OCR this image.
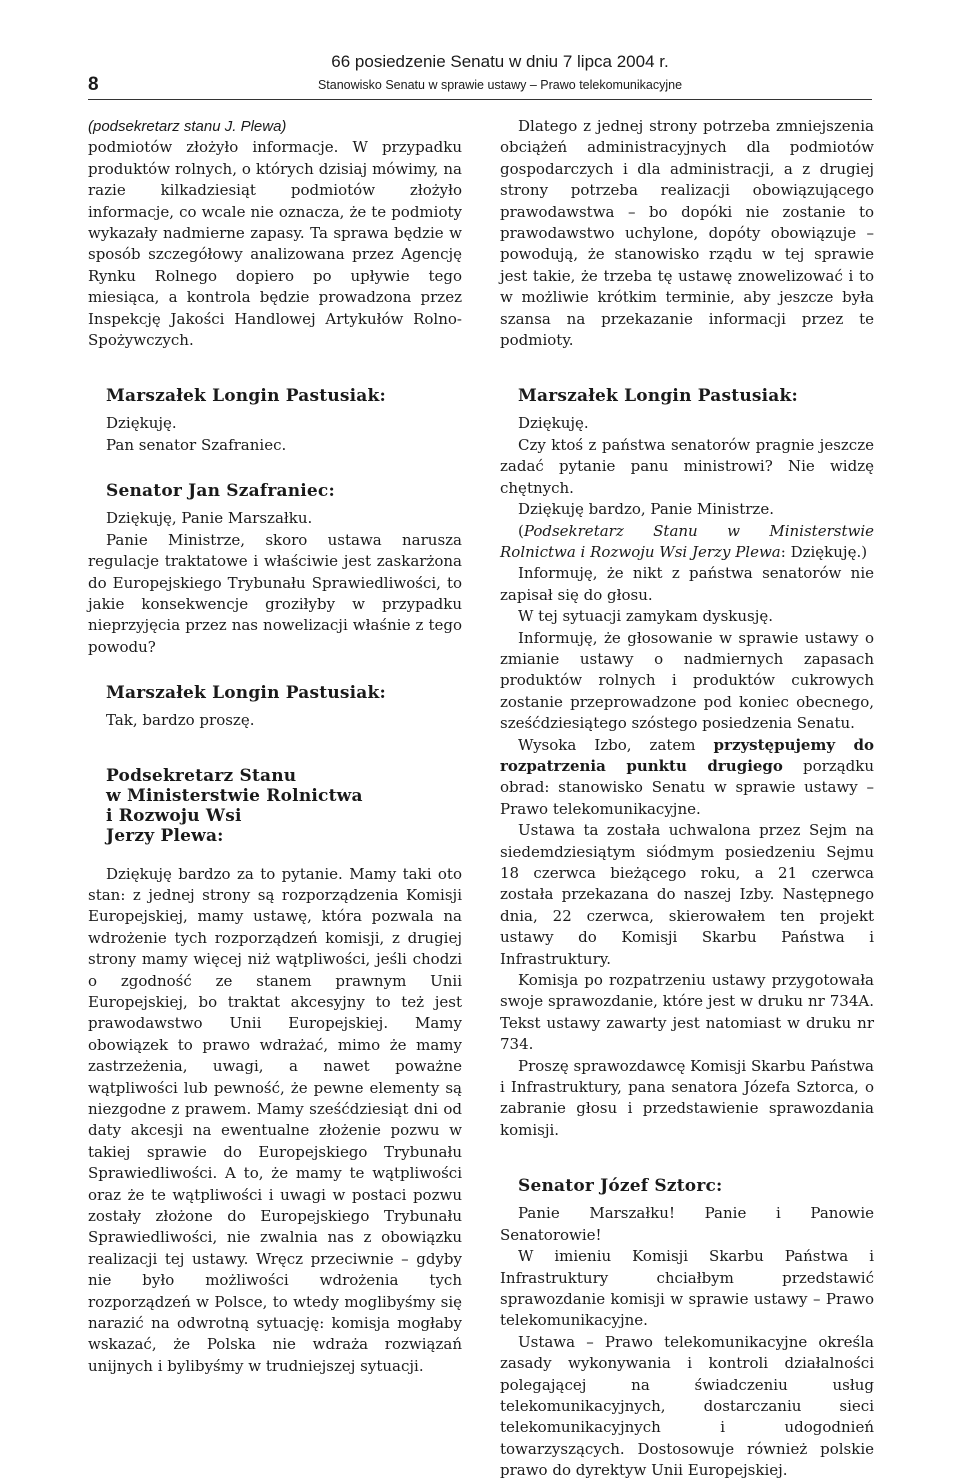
8
66 posiedzenie Senatu w dniu 7 lipca 2004 r.
Stanowisko Senatu w sprawie ustawy – Prawo telekomunikacyjne

(podsekretarz stanu J. Plewa)

podmiotów złożyło informacje. W przypadku produktów rolnych, o których dzisiaj mówimy, na razie kilkadziesiąt podmiotów złożyło informacje, co wcale nie oznacza, że te podmioty wykazały nadmierne zapasy. Ta sprawa będzie w sposób szczegółowy analizowana przez Agencję Rynku Rolnego dopiero po upływie tego miesiąca, a kontrola będzie prowadzona przez Inspekcję Jakości Handlowej Artykułów Rolno-Spożywczych.

Marszałek Longin Pastusiak:

Dziękuję.

Pan senator Szafraniec.

Senator Jan Szafraniec:

Dziękuję, Panie Marszałku.

Panie Ministrze, skoro ustawa narusza regulacje traktatowe i właściwie jest zaskarżona do Europejskiego Trybunału Sprawiedliwości, to jakie konsekwencje groziłyby w przypadku nieprzyjęcia przez nas nowelizacji właśnie z tego powodu?

Marszałek Longin Pastusiak:

Tak, bardzo proszę.

Podsekretarz Stanu
w Ministerstwie Rolnictwa
i Rozwoju Wsi
Jerzy Plewa:

Dziękuję bardzo za to pytanie. Mamy taki oto stan: z jednej strony są rozporządzenia Komisji Europejskiej, mamy ustawę, która pozwala na wdrożenie tych rozporządzeń komisji, z drugiej strony mamy więcej niż wątpliwości, jeśli chodzi o zgodność ze stanem prawnym Unii Europejskiej, bo traktat akcesyjny to też jest prawodawstwo Unii Europejskiej. Mamy obowiązek to prawo wdrażać, mimo że mamy zastrzeżenia, uwagi, a nawet poważne wątpliwości lub pewność, że pewne elementy są niezgodne z prawem. Mamy sześćdziesiąt dni od daty akcesji na ewentualne złożenie pozwu w takiej sprawie do Europejskiego Trybunału Sprawiedliwości. A to, że mamy te wątpliwości oraz że te wątpliwości i uwagi w postaci pozwu zostały złożone do Europejskiego Trybunału Sprawiedliwości, nie zwalnia nas z obowiązku realizacji tej ustawy. Wręcz przeciwnie – gdyby nie było możliwości wdrożenia tych rozporządzeń w Polsce, to wtedy moglibyśmy się narazić na odwrotną sytuację: komisja mogłaby wskazać, że Polska nie wdraża rozwiązań unijnych i bylibyśmy w trudniejszej sytuacji.

Dlatego z jednej strony potrzeba zmniejszenia obciążeń administracyjnych dla podmiotów gospodarczych i dla administracji, a z drugiej strony potrzeba realizacji obowiązującego prawodawstwa – bo dopóki nie zostanie to prawodawstwo uchylone, dopóty obowiązuje – powodują, że stanowisko rządu w tej sprawie jest takie, że trzeba tę ustawę znowelizować i to w możliwie krótkim terminie, aby jeszcze była szansa na przekazanie informacji przez te podmioty.

Marszałek Longin Pastusiak:

Dziękuję.

Czy ktoś z państwa senatorów pragnie jeszcze zadać pytanie panu ministrowi? Nie widzę chętnych.

Dziękuję bardzo, Panie Ministrze.

(Podsekretarz Stanu w Ministerstwie Rolnictwa i Rozwoju Wsi Jerzy Plewa: Dziękuję.)

Informuję, że nikt z państwa senatorów nie zapisał się do głosu.

W tej sytuacji zamykam dyskusję.

Informuję, że głosowanie w sprawie ustawy o zmianie ustawy o nadmiernych zapasach produktów rolnych i produktów cukrowych zostanie przeprowadzone pod koniec obecnego, sześćdziesiątego szóstego posiedzenia Senatu.

Wysoka Izbo, zatem przystępujemy do rozpatrzenia punktu drugiego porządku obrad: stanowisko Senatu w sprawie ustawy – Prawo telekomunikacyjne.

Ustawa ta została uchwalona przez Sejm na siedemdziesiątym siódmym posiedzeniu Sejmu 18 czerwca bieżącego roku, a 21 czerwca została przekazana do naszej Izby. Następnego dnia, 22 czerwca, skierowałem ten projekt ustawy do Komisji Skarbu Państwa i Infrastruktury.

Komisja po rozpatrzeniu ustawy przygotowała swoje sprawozdanie, które jest w druku nr 734A. Tekst ustawy zawarty jest natomiast w druku nr 734.

Proszę sprawozdawcę Komisji Skarbu Państwa i Infrastruktury, pana senatora Józefa Sztorca, o zabranie głosu i przedstawienie sprawozdania komisji.

Senator Józef Sztorc:

Panie Marszałku! Panie i Panowie Senatorowie!

W imieniu Komisji Skarbu Państwa i Infrastruktury chciałbym przedstawić sprawozdanie komisji w sprawie ustawy – Prawo telekomunikacyjne.

Ustawa – Prawo telekomunikacyjne określa zasady wykonywania i kontroli działalności polegającej na świadczeniu usług telekomunikacyjnych, dostarczaniu sieci telekomunikacyjnych i udogodnień towarzyszących. Dostosowuje również polskie prawo do dyrektyw Unii Europejskiej.
